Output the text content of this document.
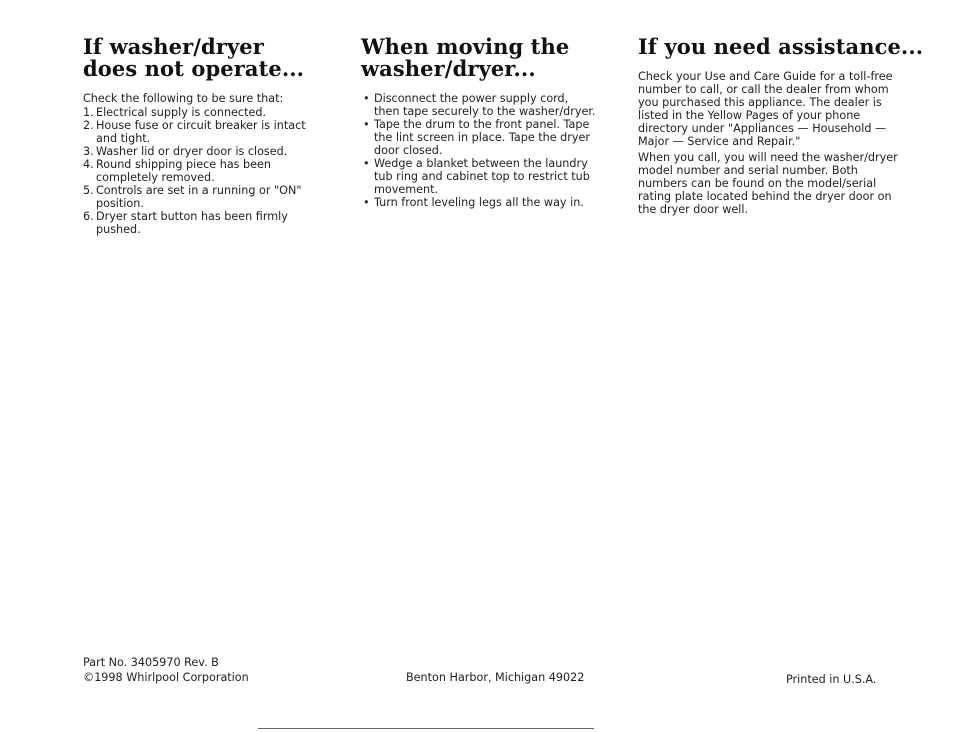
If washer/dryer does not operate...

Check the following to be sure that:

1. Electrical supply is connected.
2. House fuse or circuit breaker is intact and tight.
3. Washer lid or dryer door is closed.
4. Round shipping piece has been completely removed.
5. Controls are set in a running or "ON" position.
6. Dryer start button has been firmly pushed.
When moving the washer/dryer...
• Disconnect the power supply cord, then tape securely to the washer/dryer.
• Tape the drum to the front panel. Tape the lint screen in place. Tape the dryer door closed.
• Wedge a blanket between the laundry tub ring and cabinet top to restrict tub movement.
• Turn front leveling legs all the way in.
If you need assistance...

Check your Use and Care Guide for a toll-free number to call, or call the dealer from whom you purchased this appliance. The dealer is listed in the Yellow Pages of your phone directory under "Appliances — Household — Major — Service and Repair."

When you call, you will need the washer/dryer model number and serial number. Both numbers can be found on the model/serial rating plate located behind the dryer door on the dryer door well.

Part No. 3405970 Rev. B
©1998 Whirlpool Corporation	Benton Harbor, Michigan 49022	Printed in U.S.A.
